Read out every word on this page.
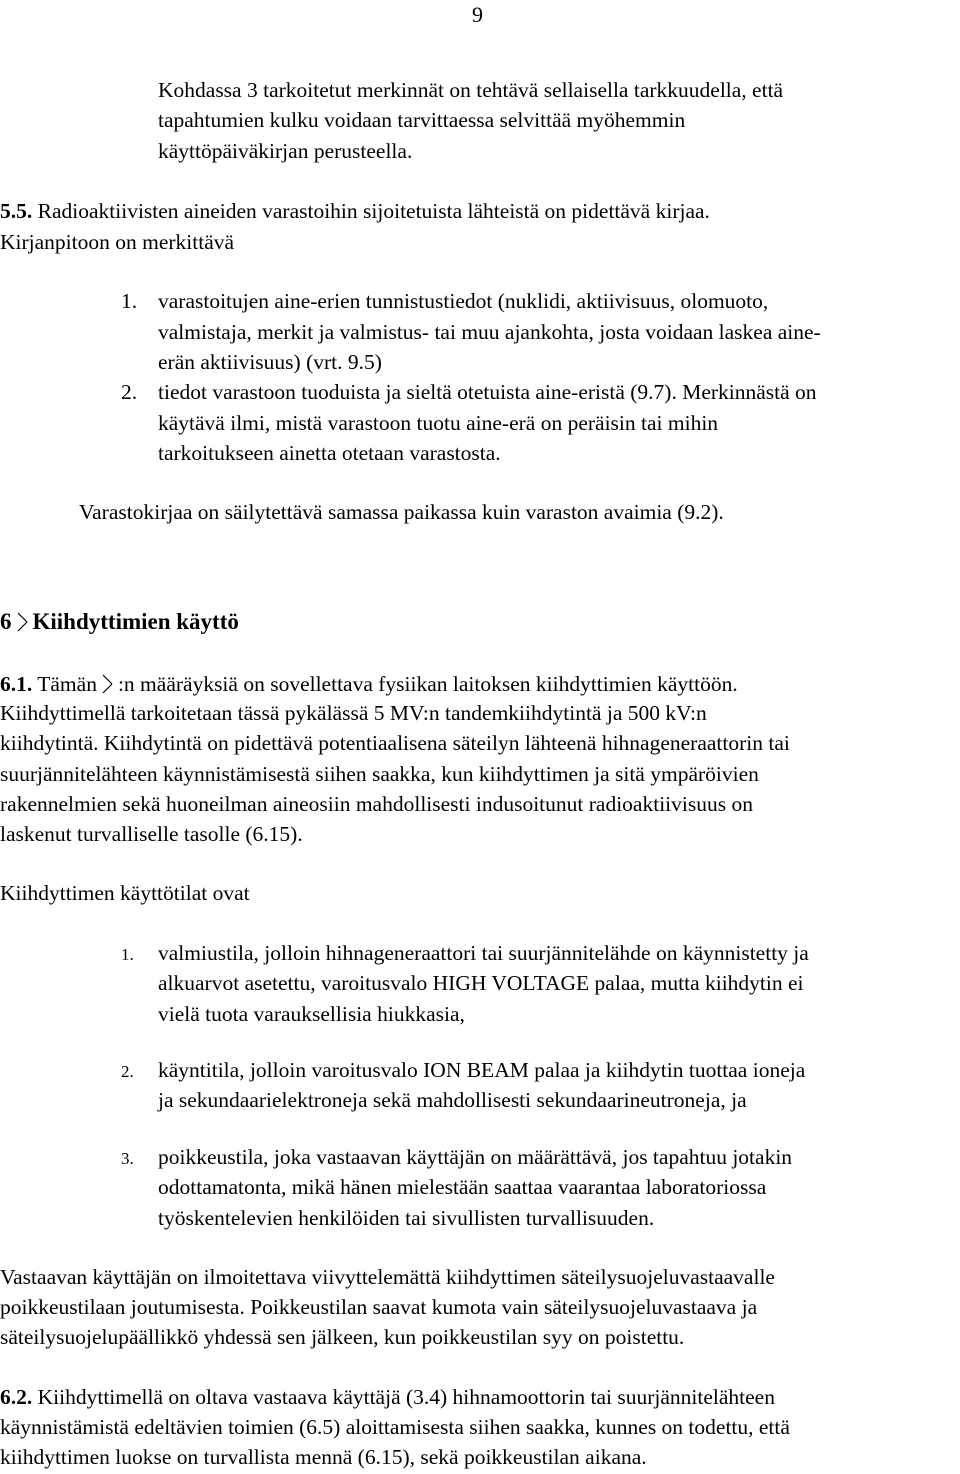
9
Kohdassa 3 tarkoitetut merkinnät on tehtävä sellaisella tarkkuudella, että
tapahtumien kulku voidaan tarvittaessa selvittää myöhemmin
käyttöpäiväkirjan perusteella.
5.5. Radioaktiivisten aineiden varastoihin sijoitetuista lähteistä on pidettävä kirjaa.
Kirjanpitoon on merkittävä
1. varastoitujen aine-erien tunnistustiedot (nuklidi, aktiivisuus, olomuoto,
valmistaja, merkit ja valmistus- tai muu ajankohta, josta voidaan laskea aine-
erän aktiivisuus) (vrt. 9.5)
2. tiedot varastoon tuoduista ja sieltä otetuista aine-eristä (9.7). Merkinnästä on
käytävä ilmi, mistä varastoon tuotu aine-erä on peräisin tai mihin
tarkoitukseen ainetta otetaan varastosta.
Varastokirjaa on säilytettävä samassa paikassa kuin varaston avaimia (9.2).
6 Kiihdyttimien käyttö
6.1. Tämän :n määräyksiä on sovellettava fysiikan laitoksen kiihdyttimien käyttöön.
Kiihdyttimellä tarkoitetaan tässä pykälässä 5 MV:n tandemkiihdytintä ja 500 kV:n
kiihdytintä. Kiihdytintä on pidettävä potentiaalisena säteilyn lähteenä hihnageneraattorin tai
suurjännitelähteen käynnistämisestä siihen saakka, kun kiihdyttimen ja sitä ympäröivien
rakennelmien sekä huoneilman aineosiin mahdollisesti indusoitunut radioaktiivisuus on
laskenut turvalliselle tasolle (6.15).
Kiihdyttimen käyttötilat ovat
1. valmiustila, jolloin hihnageneraattori tai suurjännitelähde on käynnistetty ja
alkuarvot asetettu, varoitusvalo HIGH VOLTAGE palaa, mutta kiihdytin ei
vielä tuota varauksellisia hiukkasia,
2. käyntitila, jolloin varoitusvalo ION BEAM palaa ja kiihdytin tuottaa ioneja
ja sekundaarielektroneja sekä mahdollisesti sekundaarineutroneja, ja
3. poikkeustila, joka vastaavan käyttäjän on määrättävä, jos tapahtuu jotakin
odottamatonta, mikä hänen mielestään saattaa vaarantaa laboratoriossa
työskentelevien henkilöiden tai sivullisten turvallisuuden.
Vastaavan käyttäjän on ilmoitettava viivyttelemättä kiihdyttimen säteilysuojeluvastaavalle
poikkeustilaan joutumisesta. Poikkeustilan saavat kumota vain säteilysuojeluvastaava ja
säteilysuojelupäällikkö yhdessä sen jälkeen, kun poikkeustilan syy on poistettu.
6.2. Kiihdyttimellä on oltava vastaava käyttäjä (3.4) hihnamoottorin tai suurjännitelähteen
käynnistämistä edeltävien toimien (6.5) aloittamisesta siihen saakka, kunnes on todettu, että
kiihdyttimen luokse on turvallista mennä (6.15), sekä poikkeustilan aikana.
